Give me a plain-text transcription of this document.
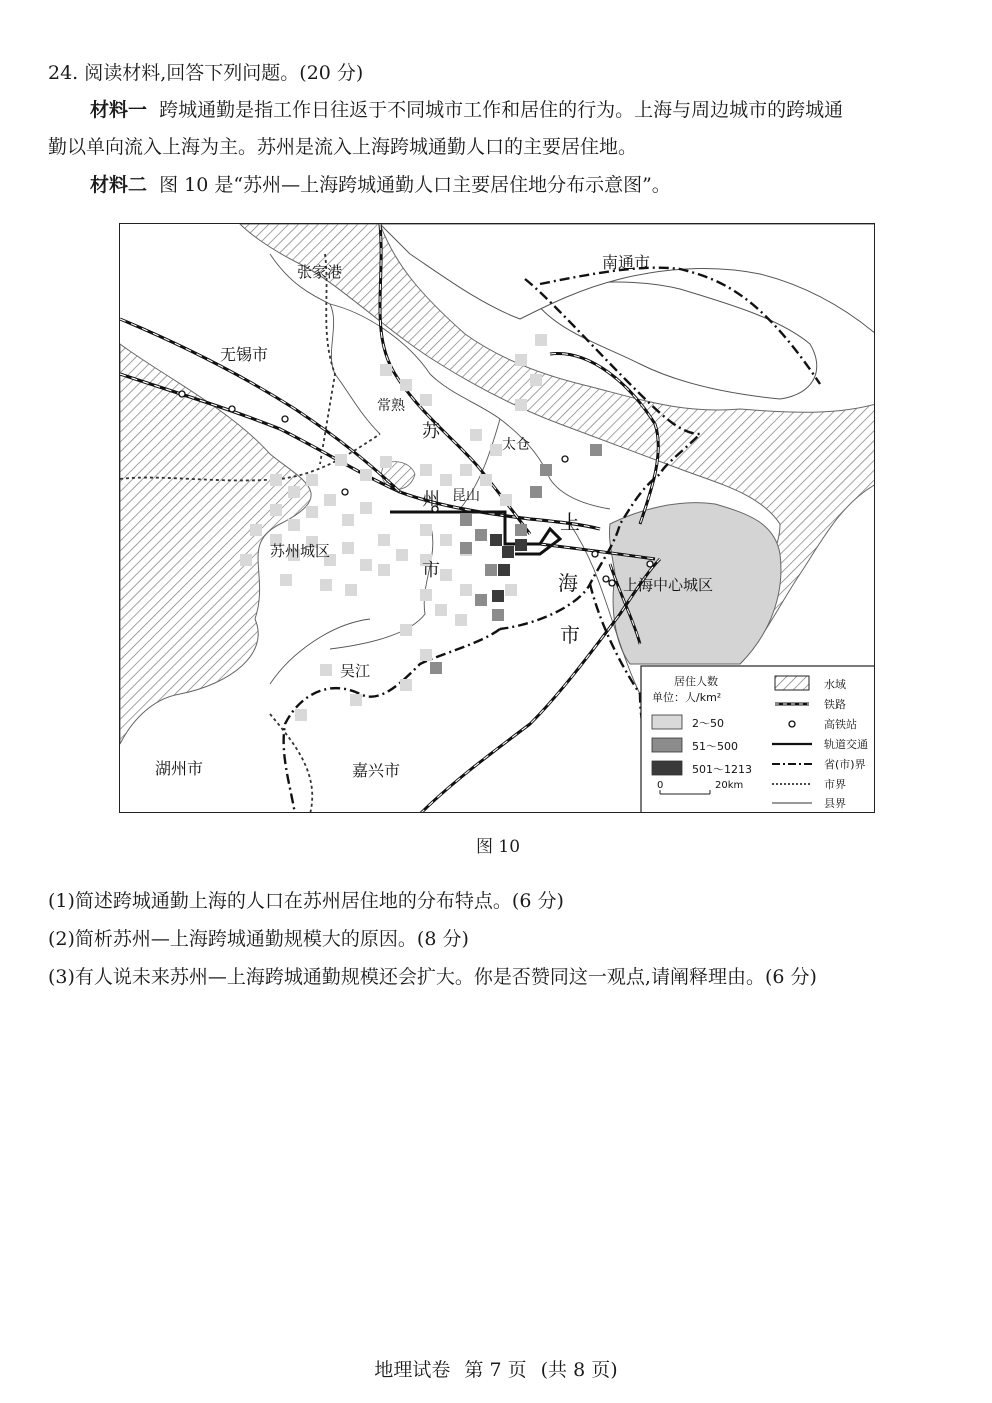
24. 阅读材料,回答下列问题。(20 分)
材料一 跨城通勤是指工作日往返于不同城市工作和居住的行为。上海与周边城市的跨城通
勤以单向流入上海为主。苏州是流入上海跨城通勤人口的主要居住地。
材料二 图 10 是“苏州—上海跨城通勤人口主要居住地分布示意图”。
张家港	南通市
无锡市
常熟
苏
太仓
州 昆山
上
苏州城区
市
海	上海中心城区
市
吴江
湖州市	嘉兴市
居住人数
单位：人/km²
2～50
51～500
501～1213
0	20km
水域
铁路
高铁站
轨道交通
省(市)界
市界
县界
图 10
(1)简述跨城通勤上海的人口在苏州居住地的分布特点。(6 分)
(2)简析苏州—上海跨城通勤规模大的原因。(8 分)
(3)有人说未来苏州—上海跨城通勤规模还会扩大。你是否赞同这一观点,请阐释理由。(6 分)
地理试卷 第 7 页 (共 8 页)
